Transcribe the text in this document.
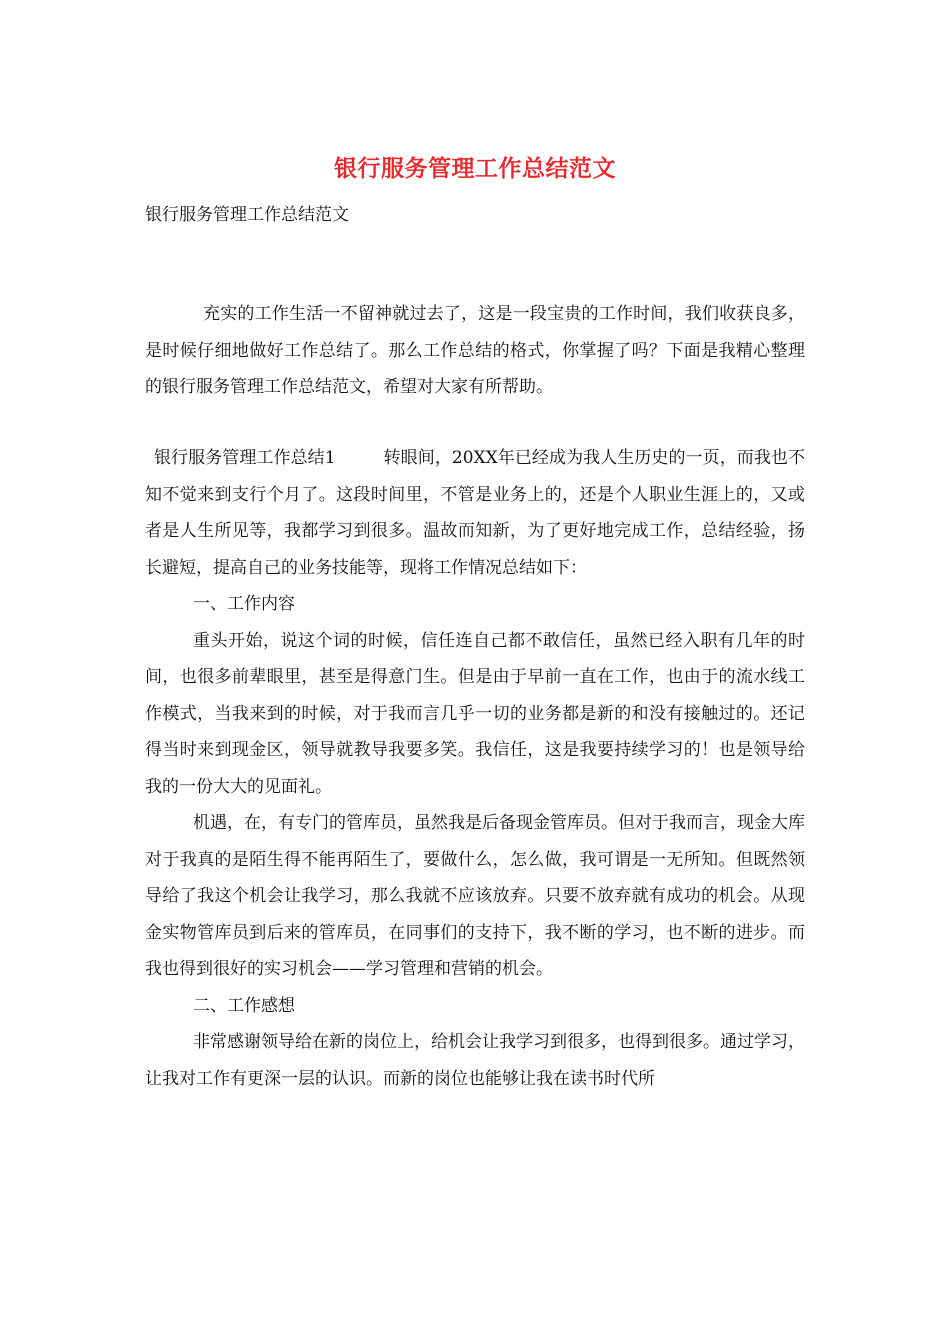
银行服务管理工作总结范文
银行服务管理工作总结范文

充实的工作生活一不留神就过去了，这是一段宝贵的工作时间，我们收获良多，是时候仔细地做好工作总结了。那么工作总结的格式，你掌握了吗？下面是我精心整理的银行服务管理工作总结范文，希望对大家有所帮助。

银行服务管理工作总结1	转眼间，20XX年已经成为我人生历史的一页，而我也不知不觉来到支行个月了。这段时间里，不管是业务上的，还是个人职业生涯上的，又或者是人生所见等，我都学习到很多。温故而知新，为了更好地完成工作，总结经验，扬长避短，提高自己的业务技能等，现将工作情况总结如下：

一、工作内容

重头开始，说这个词的时候，信任连自己都不敢信任，虽然已经入职有几年的时间，也很多前辈眼里，甚至是得意门生。但是由于早前一直在工作，也由于的流水线工作模式，当我来到的时候，对于我而言几乎一切的业务都是新的和没有接触过的。还记得当时来到现金区，领导就教导我要多笑。我信任，这是我要持续学习的！也是领导给我的一份大大的见面礼。

机遇，在，有专门的管库员，虽然我是后备现金管库员。但对于我而言，现金大库对于我真的是陌生得不能再陌生了，要做什么，怎么做，我可谓是一无所知。但既然领导给了我这个机会让我学习，那么我就不应该放弃。只要不放弃就有成功的机会。从现金实物管库员到后来的管库员，在同事们的支持下，我不断的学习，也不断的进步。而我也得到很好的实习机会——学习管理和营销的机会。

二、工作感想

非常感谢领导给在新的岗位上，给机会让我学习到很多，也得到很多。通过学习，让我对工作有更深一层的认识。而新的岗位也能够让我在读书时代所
